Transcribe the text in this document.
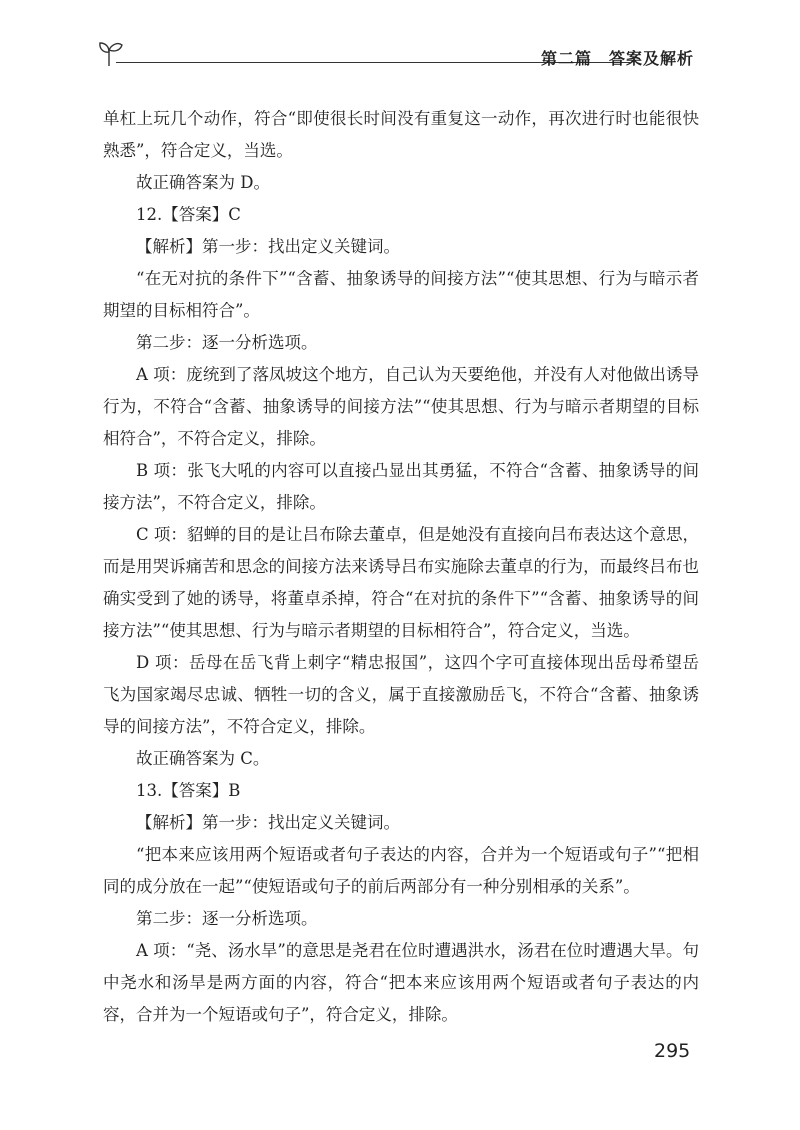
第二篇　答案及解析

单杠上玩几个动作，符合“即使很长时间没有重复这一动作，再次进行时也能很快熟悉”，符合定义，当选。

故正确答案为 D。

12.【答案】C

【解析】第一步：找出定义关键词。

“在无对抗的条件下”“含蓄、抽象诱导的间接方法”“使其思想、行为与暗示者期望的目标相符合”。

第二步：逐一分析选项。

A 项：庞统到了落凤坡这个地方，自己认为天要绝他，并没有人对他做出诱导行为，不符合“含蓄、抽象诱导的间接方法”“使其思想、行为与暗示者期望的目标相符合”，不符合定义，排除。

B 项：张飞大吼的内容可以直接凸显出其勇猛，不符合“含蓄、抽象诱导的间接方法”，不符合定义，排除。

C 项：貂蝉的目的是让吕布除去董卓，但是她没有直接向吕布表达这个意思，而是用哭诉痛苦和思念的间接方法来诱导吕布实施除去董卓的行为，而最终吕布也确实受到了她的诱导，将董卓杀掉，符合“在对抗的条件下”“含蓄、抽象诱导的间接方法”“使其思想、行为与暗示者期望的目标相符合”，符合定义，当选。

D 项：岳母在岳飞背上刺字“精忠报国”，这四个字可直接体现出岳母希望岳飞为国家竭尽忠诚、牺牲一切的含义，属于直接激励岳飞，不符合“含蓄、抽象诱导的间接方法”，不符合定义，排除。

故正确答案为 C。

13.【答案】B

【解析】第一步：找出定义关键词。

“把本来应该用两个短语或者句子表达的内容，合并为一个短语或句子”“把相同的成分放在一起”“使短语或句子的前后两部分有一种分别相承的关系”。

第二步：逐一分析选项。

A 项：“尧、汤水旱”的意思是尧君在位时遭遇洪水，汤君在位时遭遇大旱。句中尧水和汤旱是两方面的内容，符合“把本来应该用两个短语或者句子表达的内容，合并为一个短语或句子”，符合定义，排除。

295
